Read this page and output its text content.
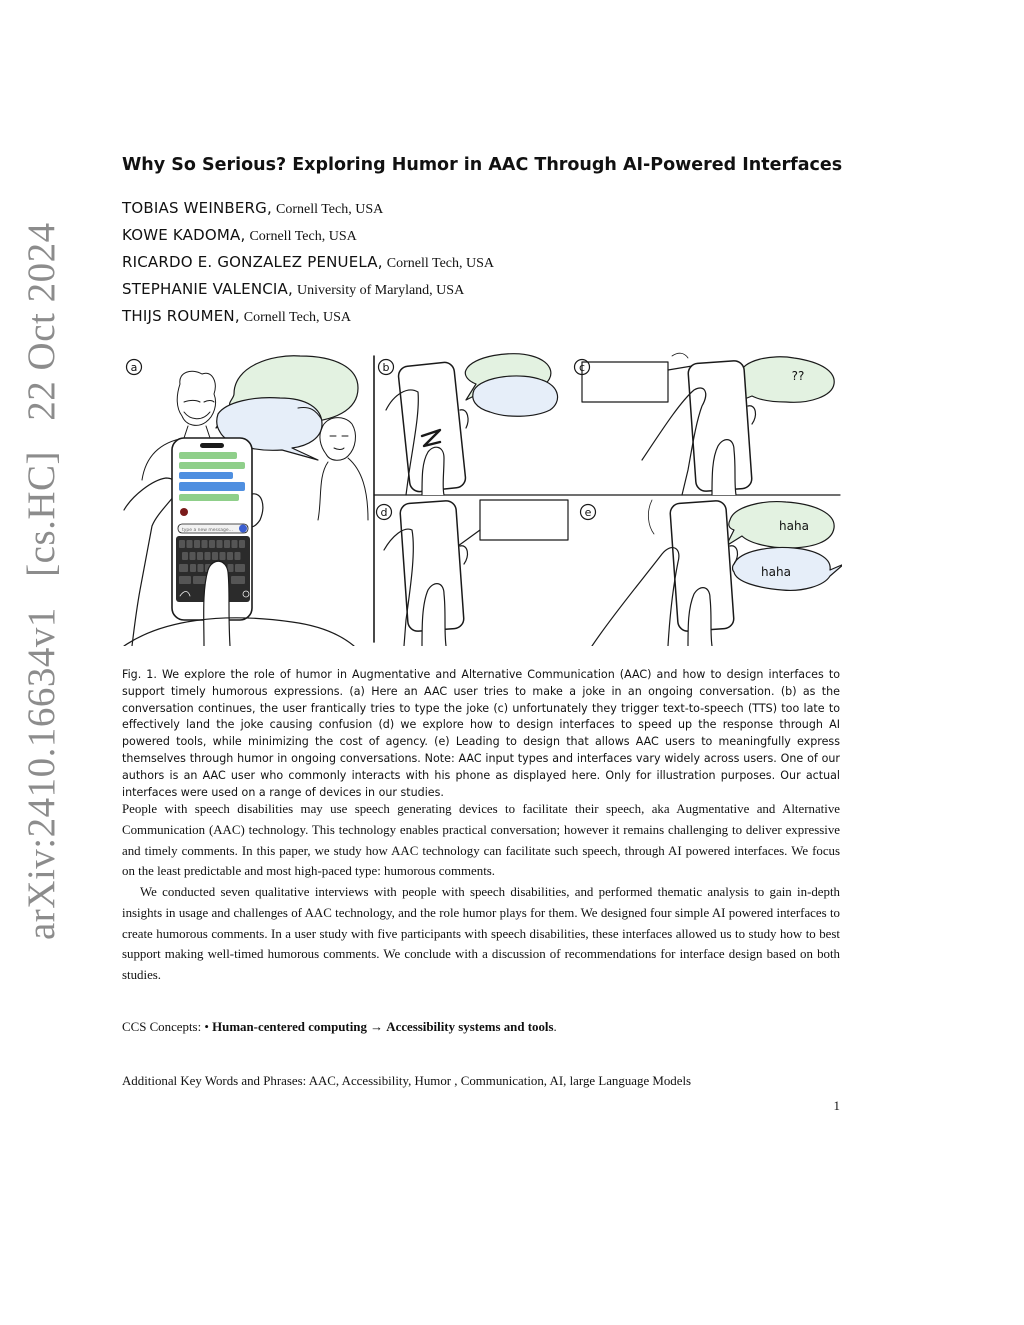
arXiv:2410.16634v1 [cs.HC] 22 Oct 2024
Why So Serious? Exploring Humor in AAC Through AI-Powered Interfaces
TOBIAS WEINBERG, Cornell Tech, USA
KOWE KADOMA, Cornell Tech, USA
RICARDO E. GONZALEZ PENUELA, Cornell Tech, USA
STEPHANIE VALENCIA, University of Maryland, USA
THIJS ROUMEN, Cornell Tech, USA
a
type a new message...
b	c
??
d	e
haha
haha
Fig. 1. We explore the role of humor in Augmentative and Alternative Communication (AAC) and how to design interfaces to support timely humorous expressions. (a) Here an AAC user tries to make a joke in an ongoing conversation. (b) as the conversation continues, the user frantically tries to type the joke (c) unfortunately they trigger text-to-speech (TTS) too late to effectively land the joke causing confusion (d) we explore how to design interfaces to speed up the response through AI powered tools, while minimizing the cost of agency. (e) Leading to design that allows AAC users to meaningfully express themselves through humor in ongoing conversations. Note: AAC input types and interfaces vary widely across users. One of our authors is an AAC user who commonly interacts with his phone as displayed here. Only for illustration purposes. Our actual interfaces were used on a range of devices in our studies.
People with speech disabilities may use speech generating devices to facilitate their speech, aka Augmentative and Alternative Communication (AAC) technology. This technology enables practical conversation; however it remains challenging to deliver expressive and timely comments. In this paper, we study how AAC technology can facilitate such speech, through AI powered interfaces. We focus on the least predictable and most high-paced type: humorous comments.
We conducted seven qualitative interviews with people with speech disabilities, and performed thematic analysis to gain in-depth insights in usage and challenges of AAC technology, and the role humor plays for them. We designed four simple AI powered interfaces to create humorous comments. In a user study with five participants with speech disabilities, these interfaces allowed us to study how to best support making well-timed humorous comments. We conclude with a discussion of recommendations for interface design based on both studies.
CCS Concepts: • Human-centered computing → Accessibility systems and tools.
Additional Key Words and Phrases: AAC, Accessibility, Humor , Communication, AI, large Language Models
1
